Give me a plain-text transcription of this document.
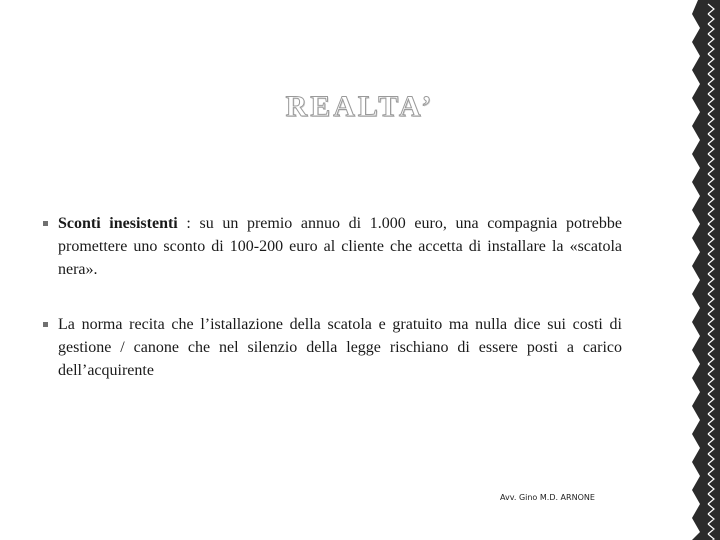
REALTA’
Sconti inesistenti : su un premio annuo di 1.000 euro, una compagnia potrebbe promettere uno sconto di 100-200 euro al cliente che accetta di installare la «scatola nera».
La norma recita che l’istallazione della scatola e gratuito ma nulla dice sui costi di gestione / canone che nel silenzio della legge rischiano di essere posti a carico dell’acquirente
Avv. Gino M.D. ARNONE
